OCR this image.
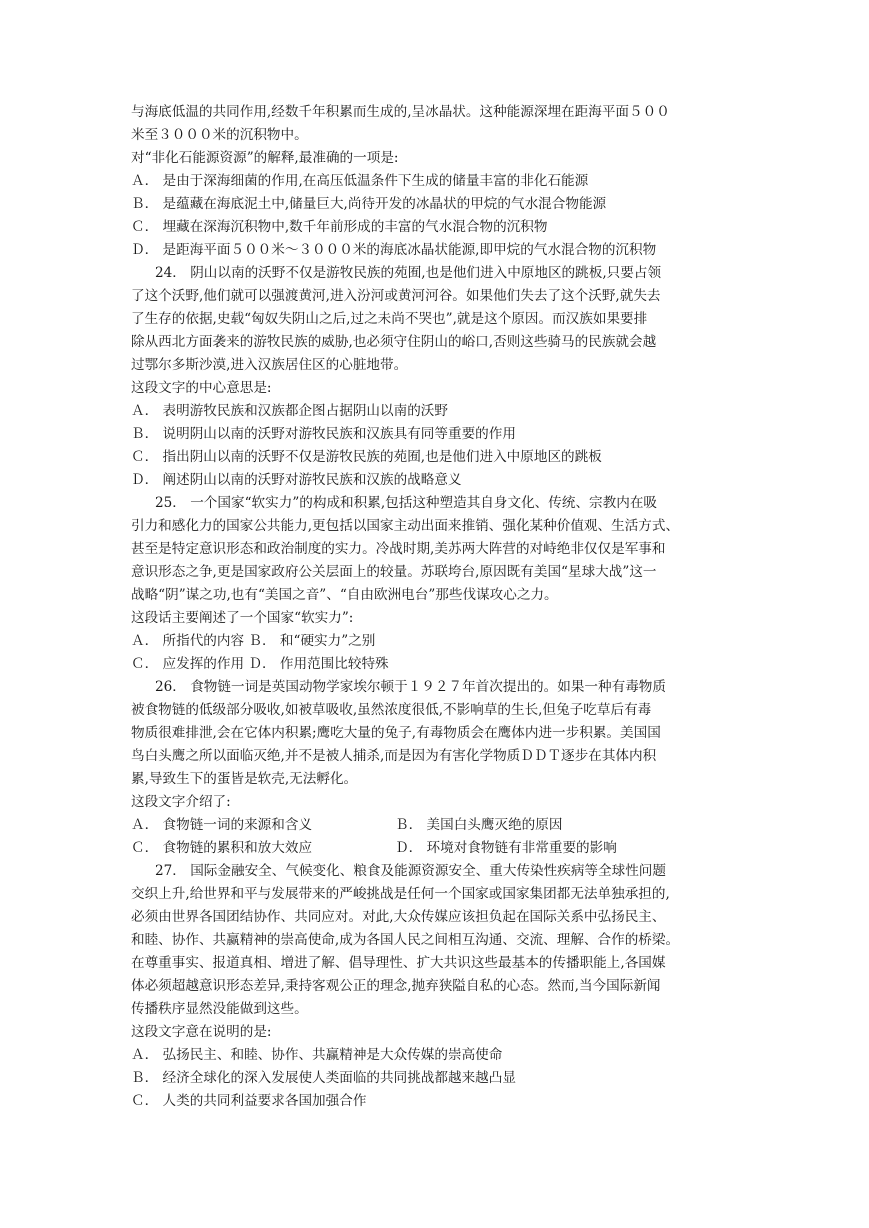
与海底低温的共同作用,经数千年积累而生成的,呈冰晶状。这种能源深埋在距海平面５００
米至３０００米的沉积物中。
对“非化石能源资源”的解释,最准确的一项是:
Ａ． 是由于深海细菌的作用,在高压低温条件下生成的储量丰富的非化石能源
Ｂ． 是蕴藏在海底泥土中,储量巨大,尚待开发的冰晶状的甲烷的气水混合物能源
Ｃ． 埋藏在深海沉积物中,数千年前形成的丰富的气水混合物的沉积物
Ｄ． 是距海平面５００米～３０００米的海底冰晶状能源,即甲烷的气水混合物的沉积物
24． 阴山以南的沃野不仅是游牧民族的苑囿,也是他们进入中原地区的跳板,只要占领
了这个沃野,他们就可以强渡黄河,进入汾河或黄河河谷。如果他们失去了这个沃野,就失去
了生存的依据,史载“匈奴失阴山之后,过之未尚不哭也”,就是这个原因。而汉族如果要排
除从西北方面袭来的游牧民族的威胁,也必须守住阴山的峪口,否则这些骑马的民族就会越
过鄂尔多斯沙漠,进入汉族居住区的心脏地带。
这段文字的中心意思是:
Ａ． 表明游牧民族和汉族都企图占据阴山以南的沃野
Ｂ． 说明阴山以南的沃野对游牧民族和汉族具有同等重要的作用
Ｃ． 指出阴山以南的沃野不仅是游牧民族的苑囿,也是他们进入中原地区的跳板
Ｄ． 阐述阴山以南的沃野对游牧民族和汉族的战略意义
25． 一个国家“软实力”的构成和积累,包括这种塑造其自身文化、传统、宗教内在吸
引力和感化力的国家公共能力,更包括以国家主动出面来推销、强化某种价值观、生活方式、
甚至是特定意识形态和政治制度的实力。冷战时期,美苏两大阵营的对峙绝非仅仅是军事和
意识形态之争,更是国家政府公关层面上的较量。苏联垮台,原因既有美国“星球大战”这一
战略“阴”谋之功,也有“美国之音”、“自由欧洲电台”那些伐谋攻心之力。
这段话主要阐述了一个国家“软实力”:
Ａ． 所指代的内容 Ｂ． 和“硬实力”之别
Ｃ． 应发挥的作用 Ｄ． 作用范围比较特殊
26． 食物链一词是英国动物学家埃尔顿于１９２７年首次提出的。如果一种有毒物质
被食物链的低级部分吸收,如被草吸收,虽然浓度很低,不影响草的生长,但兔子吃草后有毒
物质很难排泄,会在它体内积累;鹰吃大量的兔子,有毒物质会在鹰体内进一步积累。美国国
鸟白头鹰之所以面临灭绝,并不是被人捕杀,而是因为有害化学物质ＤＤＴ逐步在其体内积
累,导致生下的蛋皆是软壳,无法孵化。
这段文字介绍了:
Ａ． 食物链一词的来源和含义	Ｂ． 美国白头鹰灭绝的原因
Ｃ． 食物链的累积和放大效应	Ｄ． 环境对食物链有非常重要的影响
27． 国际金融安全、气候变化、粮食及能源资源安全、重大传染性疾病等全球性问题
交织上升,给世界和平与发展带来的严峻挑战是任何一个国家或国家集团都无法单独承担的,
必须由世界各国团结协作、共同应对。对此,大众传媒应该担负起在国际关系中弘扬民主、
和睦、协作、共赢精神的崇高使命,成为各国人民之间相互沟通、交流、理解、合作的桥梁。
在尊重事实、报道真相、增进了解、倡导理性、扩大共识这些最基本的传播职能上,各国媒
体必须超越意识形态差异,秉持客观公正的理念,抛弃狭隘自私的心态。然而,当今国际新闻
传播秩序显然没能做到这些。
这段文字意在说明的是:
Ａ． 弘扬民主、和睦、协作、共赢精神是大众传媒的崇高使命
Ｂ． 经济全球化的深入发展使人类面临的共同挑战都越来越凸显
Ｃ． 人类的共同利益要求各国加强合作
